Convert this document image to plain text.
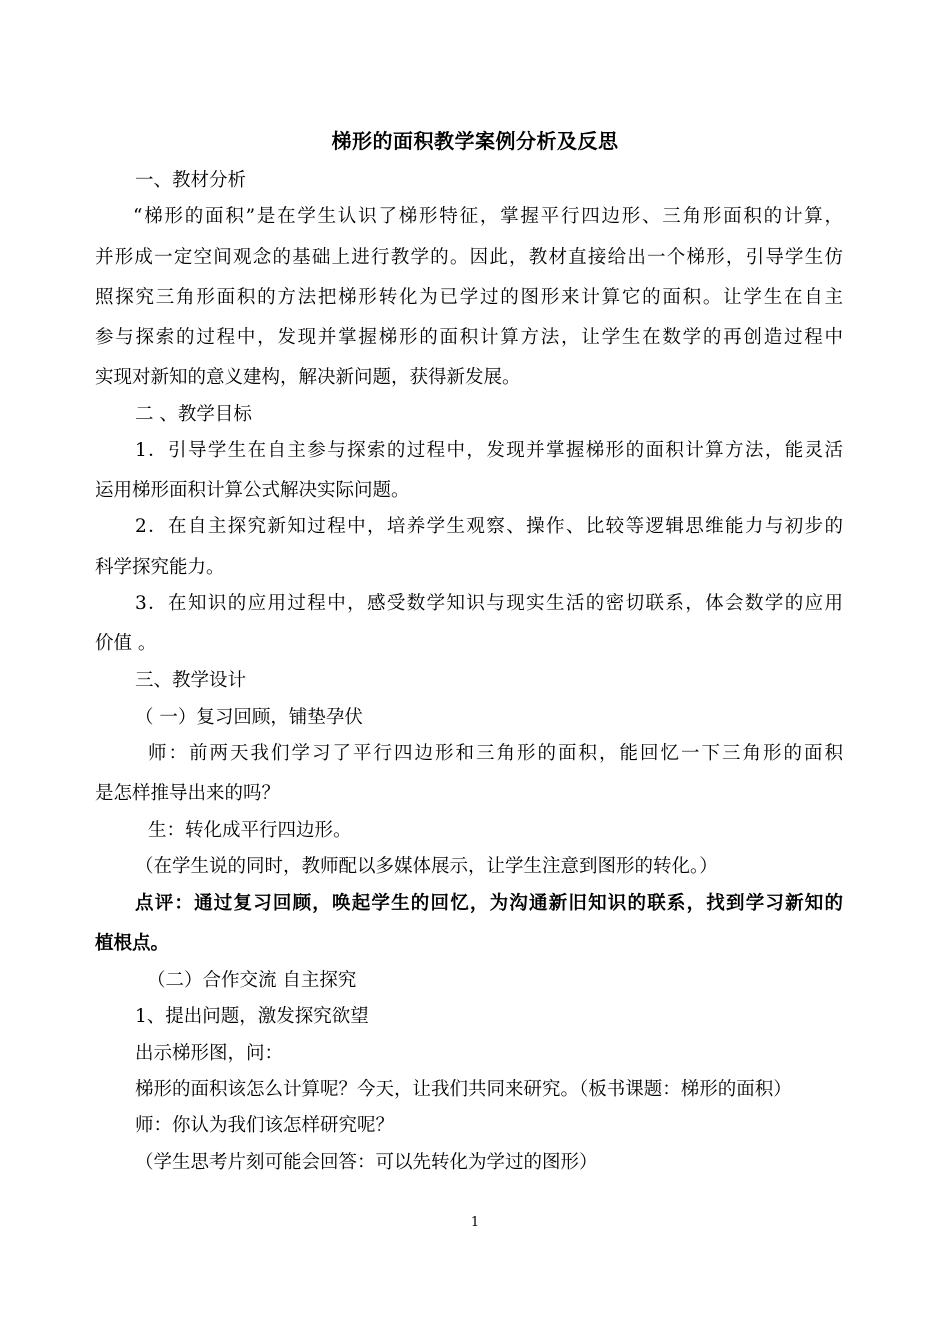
梯形的面积教学案例分析及反思
一、教材分析
“梯形的面积”是在学生认识了梯形特征，掌握平行四边形、三角形面积的计算，
并形成一定空间观念的基础上进行教学的。因此，教材直接给出一个梯形，引导学生仿
照探究三角形面积的方法把梯形转化为已学过的图形来计算它的面积。让学生在自主
参与探索的过程中，发现并掌握梯形的面积计算方法，让学生在数学的再创造过程中
实现对新知的意义建构，解决新问题，获得新发展。
二 、教学目标
1．引导学生在自主参与探索的过程中，发现并掌握梯形的面积计算方法，能灵活
运用梯形面积计算公式解决实际问题。
2．在自主探究新知过程中，培养学生观察、操作、比较等逻辑思维能力与初步的
科学探究能力。
3．在知识的应用过程中，感受数学知识与现实生活的密切联系，体会数学的应用
价值 。
三、教学设计
（ 一）复习回顾，铺垫孕伏
师：前两天我们学习了平行四边形和三角形的面积，能回忆一下三角形的面积
是怎样推导出来的吗？
生：转化成平行四边形。
（在学生说的同时，教师配以多媒体展示，让学生注意到图形的转化。）
点评：通过复习回顾，唤起学生的回忆，为沟通新旧知识的联系，找到学习新知的
植根点。
（二）合作交流 自主探究
1、提出问题，激发探究欲望
出示梯形图，问：
梯形的面积该怎么计算呢？今天，让我们共同来研究。（板书课题：梯形的面积）
师：你认为我们该怎样研究呢？
（学生思考片刻可能会回答：可以先转化为学过的图形）
1
